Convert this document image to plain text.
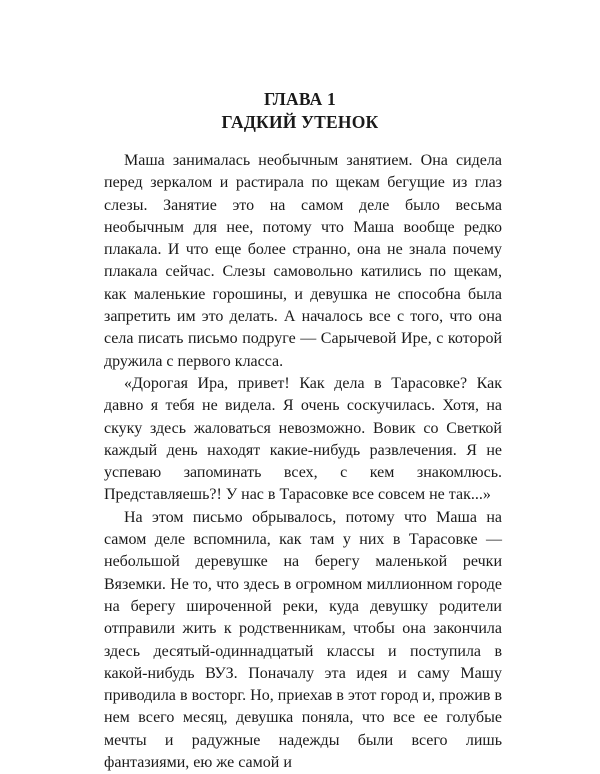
ГЛАВА 1
ГАДКИЙ УТЕНОК

Маша занималась необычным занятием. Она сидела перед зеркалом и растирала по щекам бегущие из глаз слезы. Занятие это на самом деле было весьма необычным для нее, потому что Маша вообще редко плакала. И что еще более странно, она не знала почему плакала сейчас. Слезы самовольно катились по щекам, как маленькие горошины, и девушка не способна была запретить им это делать. А началось все с того, что она села писать письмо подруге — Сарычевой Ире, с которой дружила с первого класса.

«Дорогая Ира, привет! Как дела в Тарасовке? Как давно я тебя не видела. Я очень соскучилась. Хотя, на скуку здесь жаловаться невозможно. Вовик со Светкой каждый день находят какие-нибудь развлечения. Я не успеваю запоминать всех, с кем знакомлюсь. Представляешь?! У нас в Тарасовке все совсем не так...»

На этом письмо обрывалось, потому что Маша на самом деле вспомнила, как там у них в Тарасовке — небольшой деревушке на берегу маленькой речки Вяземки. Не то, что здесь в огромном миллионном городе на берегу широченной реки, куда девушку родители отправили жить к родственникам, чтобы она закончила здесь десятый-одиннадцатый классы и поступила в какой-нибудь ВУЗ. Поначалу эта идея и саму Машу приводила в восторг. Но, приехав в этот город и, прожив в нем всего месяц, девушка поняла, что все ее голубые мечты и радужные надежды были всего лишь фантазиями, ею же самой и
